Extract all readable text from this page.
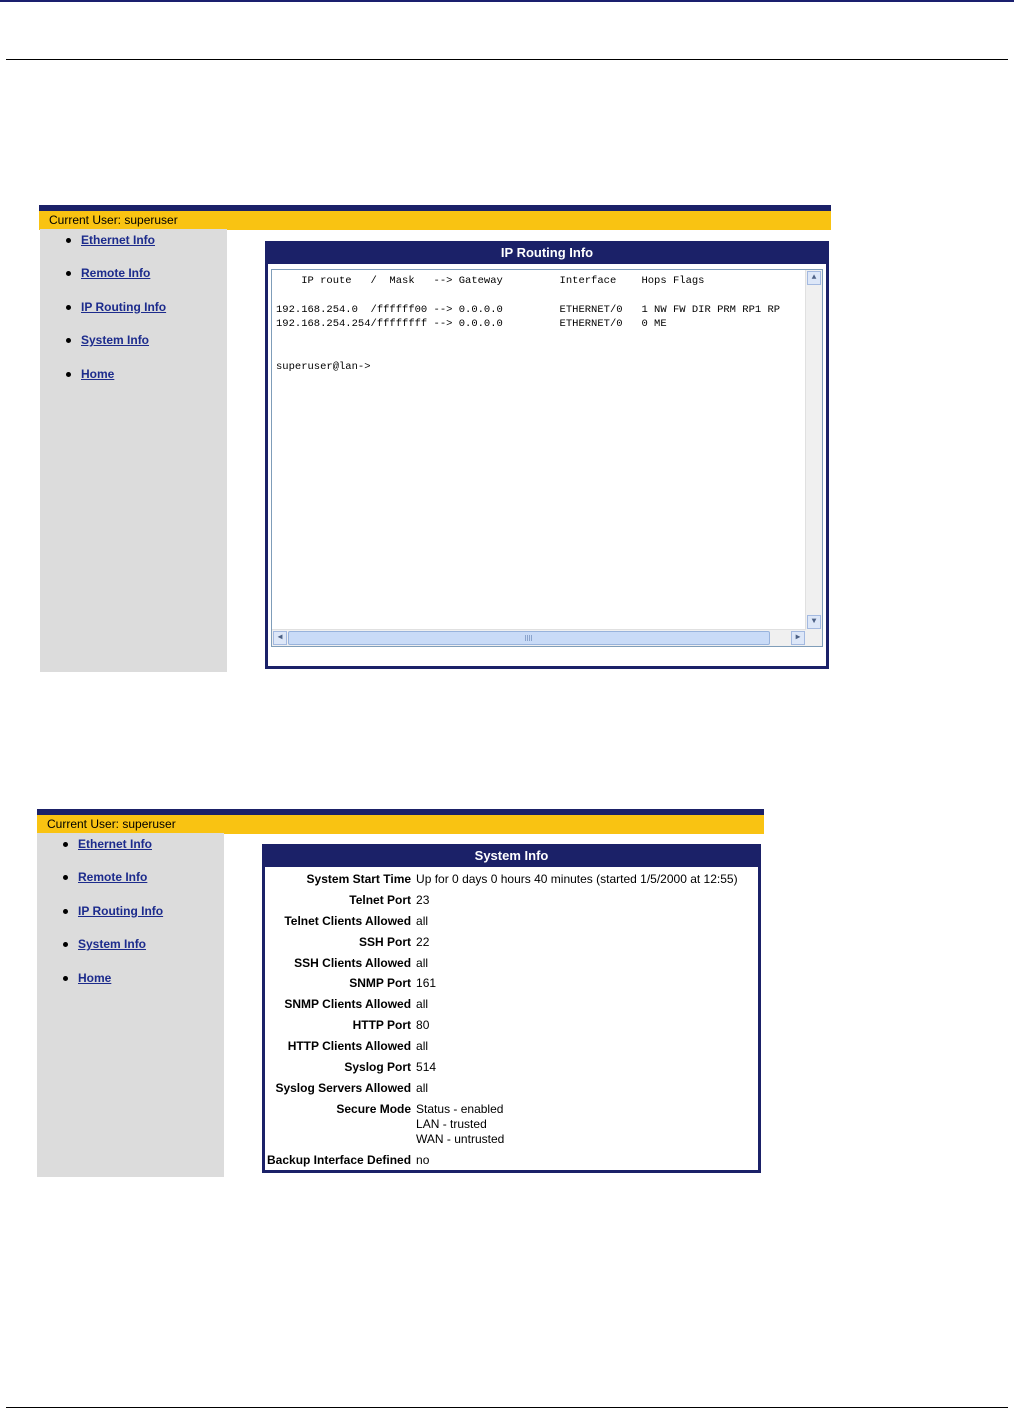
Current User: superuser
Ethernet Info
Remote Info
IP Routing Info
System Info
Home
IP Routing Info
IP route   /  Mask   --> Gateway         Interface    Hops Flags

192.168.254.0  /ffffff00 --> 0.0.0.0         ETHERNET/0   1 NW FW DIR PRM RP1 RP
192.168.254.254/ffffffff --> 0.0.0.0         ETHERNET/0   0 ME

superuser@lan->
▲
▼
◀	▶
Current User: superuser
Ethernet Info
Remote Info
IP Routing Info
System Info
Home
System Info
System Start Time	Up for 0 days 0 hours 40 minutes (started 1/5/2000 at 12:55)
Telnet Port	23
Telnet Clients Allowed	all
SSH Port	22
SSH Clients Allowed	all
SNMP Port	161
SNMP Clients Allowed	all
HTTP Port	80
HTTP Clients Allowed	all
Syslog Port	514
Syslog Servers Allowed	all
Secure Mode	Status - enabled
LAN - trusted
WAN - untrusted

Backup Interface Defined	no
